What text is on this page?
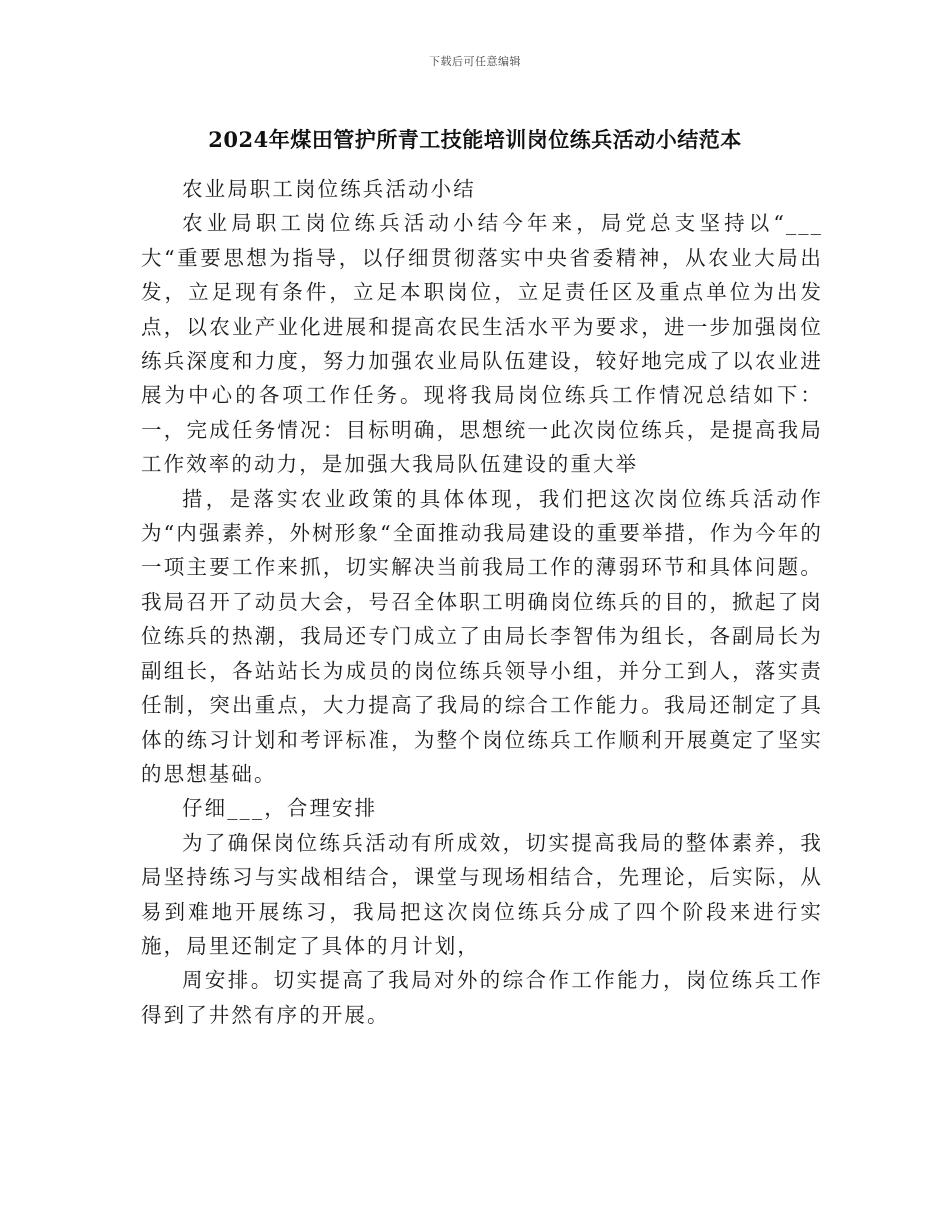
下载后可任意编辑
2024年煤田管护所青工技能培训岗位练兵活动小结范本

农业局职工岗位练兵活动小结

农业局职工岗位练兵活动小结今年来，局党总支坚持以“___大“重要思想为指导，以仔细贯彻落实中央省委精神，从农业大局出发，立足现有条件，立足本职岗位，立足责任区及重点单位为出发点，以农业产业化进展和提高农民生活水平为要求，进一步加强岗位练兵深度和力度，努力加强农业局队伍建设，较好地完成了以农业进展为中心的各项工作任务。现将我局岗位练兵工作情况总结如下：一，完成任务情况：目标明确，思想统一此次岗位练兵，是提高我局工作效率的动力，是加强大我局队伍建设的重大举

措，是落实农业政策的具体体现，我们把这次岗位练兵活动作为“内强素养，外树形象“全面推动我局建设的重要举措，作为今年的一项主要工作来抓，切实解决当前我局工作的薄弱环节和具体问题。我局召开了动员大会，号召全体职工明确岗位练兵的目的，掀起了岗位练兵的热潮，我局还专门成立了由局长李智伟为组长，各副局长为副组长，各站站长为成员的岗位练兵领导小组，并分工到人，落实责任制，突出重点，大力提高了我局的综合工作能力。我局还制定了具体的练习计划和考评标准，为整个岗位练兵工作顺利开展奠定了坚实的思想基础。

仔细___，合理安排

为了确保岗位练兵活动有所成效，切实提高我局的整体素养，我局坚持练习与实战相结合，课堂与现场相结合，先理论，后实际，从易到难地开展练习，我局把这次岗位练兵分成了四个阶段来进行实施，局里还制定了具体的月计划，

周安排。切实提高了我局对外的综合作工作能力，岗位练兵工作得到了井然有序的开展。
